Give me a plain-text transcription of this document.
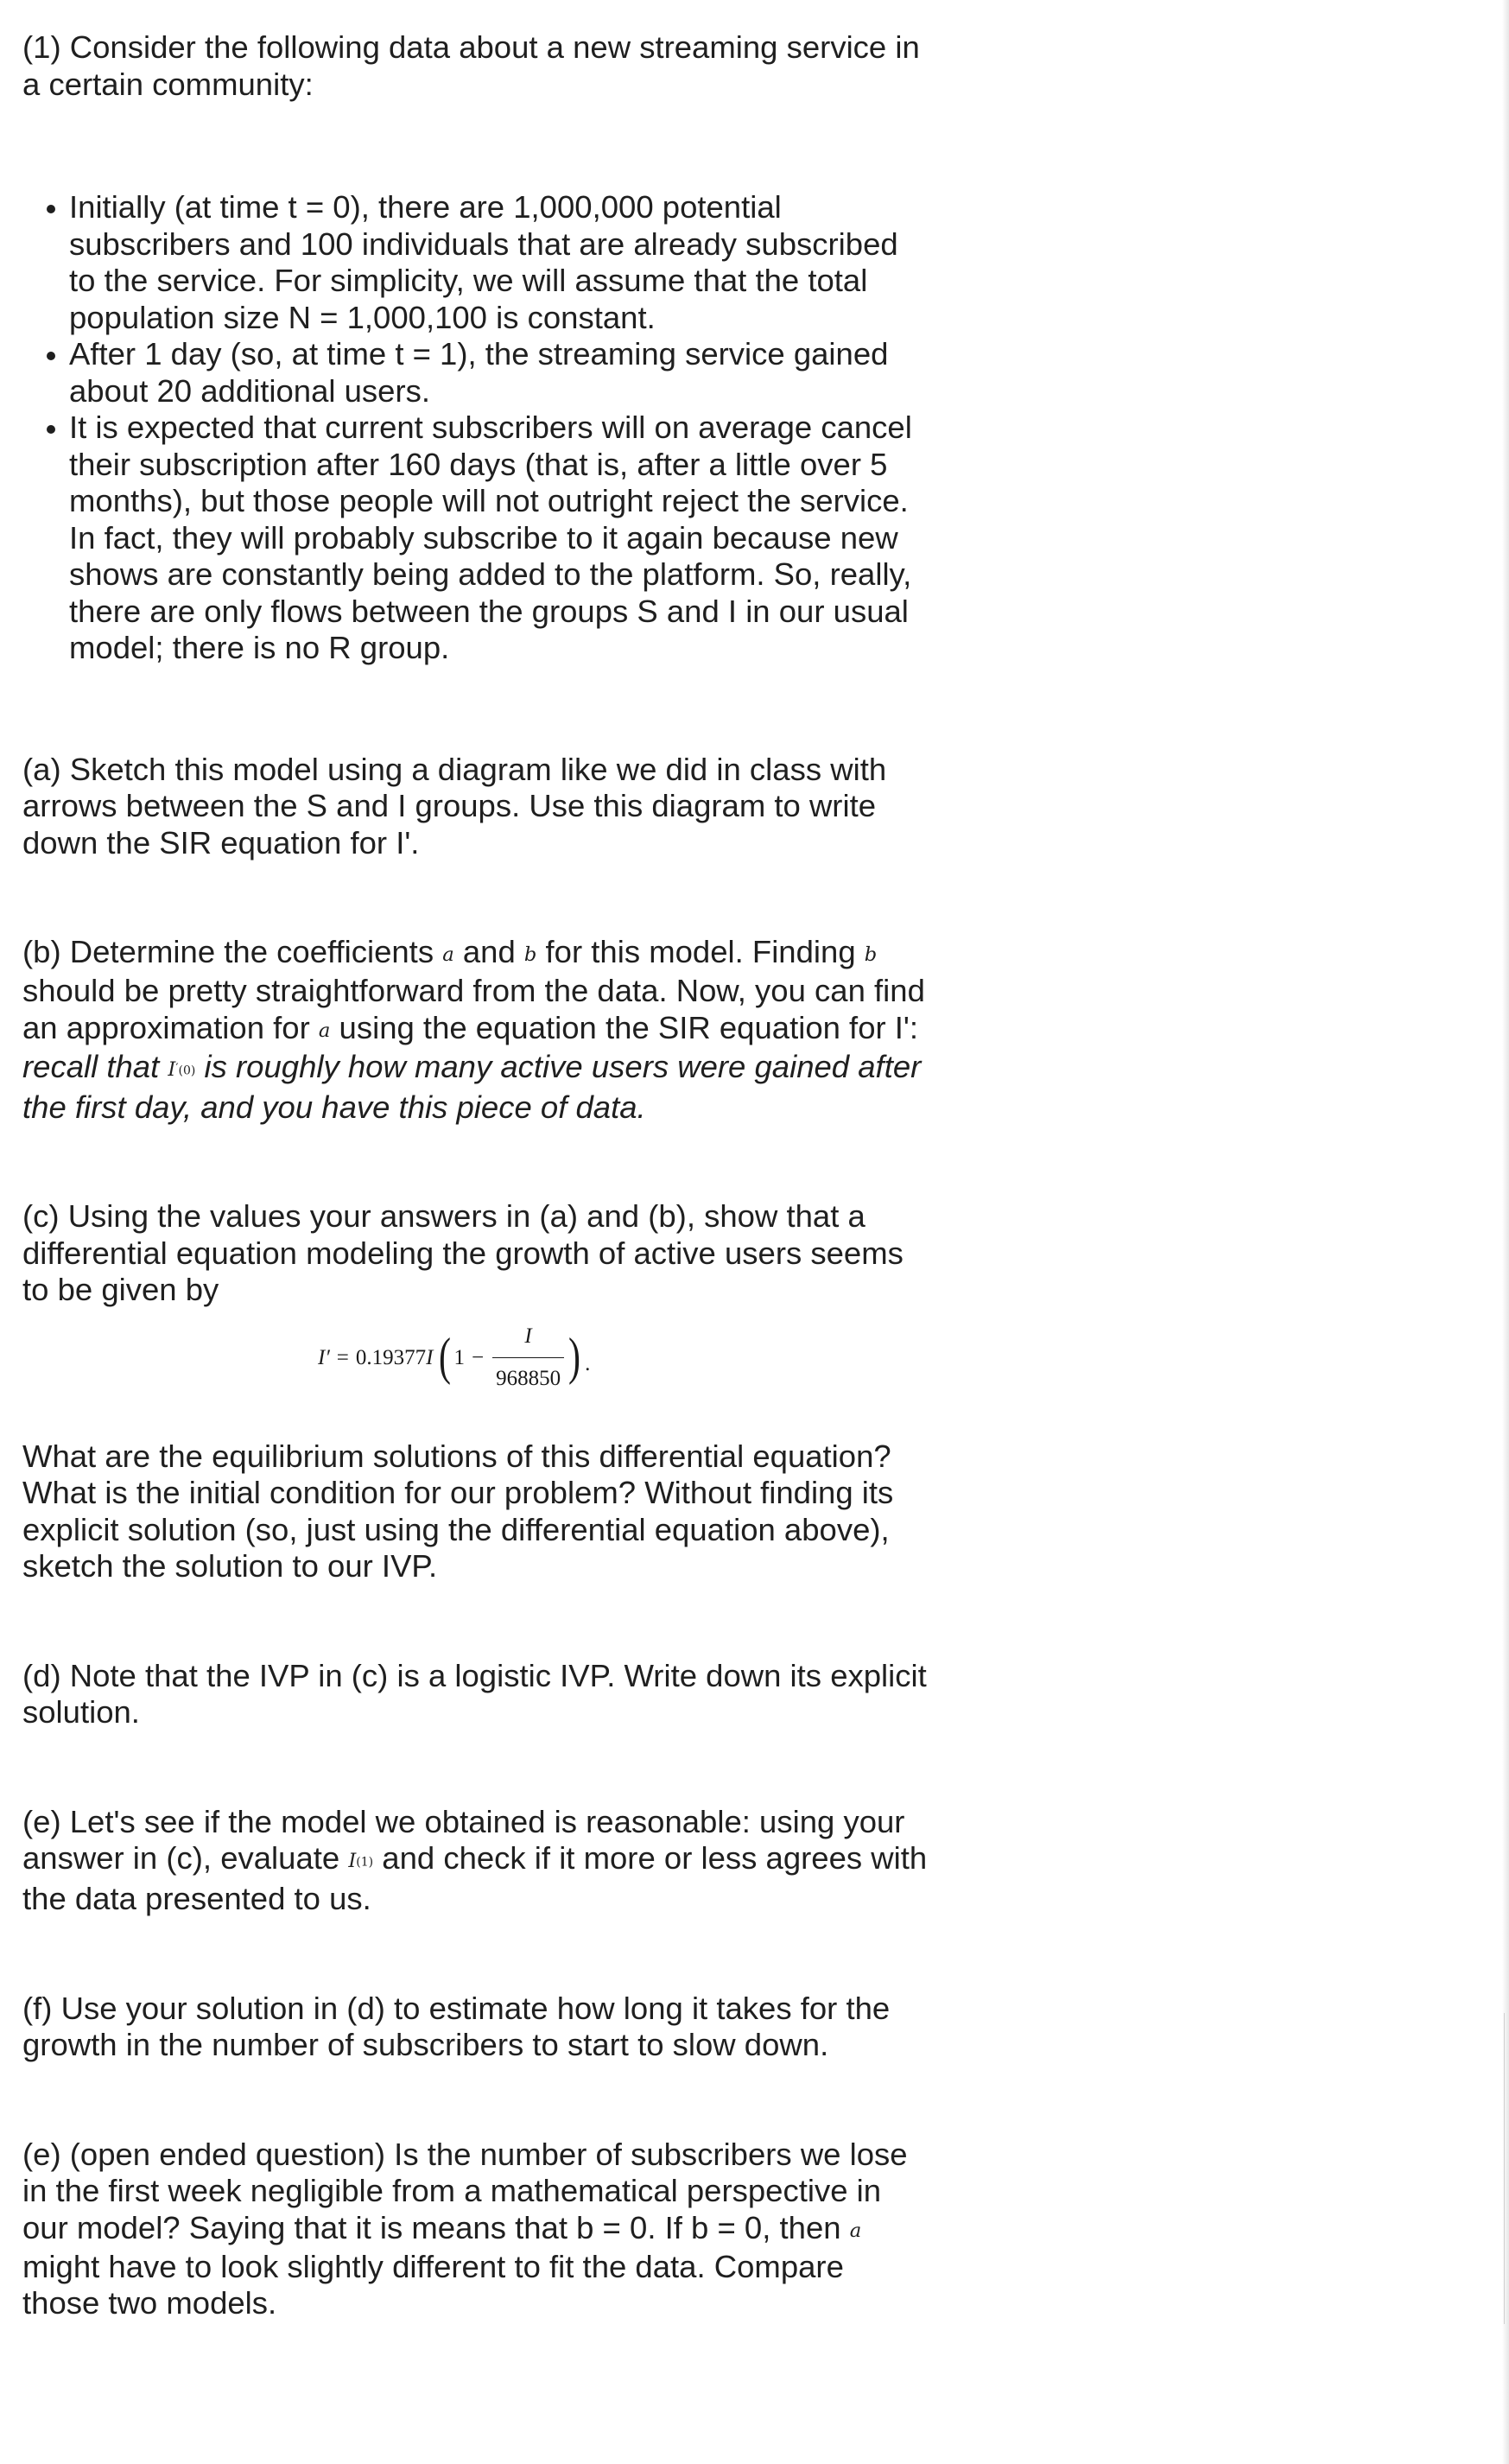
(1) Consider the following data about a new streaming service in a certain community:

Initially (at time t = 0), there are 1,000,000 potential subscribers and 100 individuals that are already subscribed to the service. For simplicity, we will assume that the total population size N = 1,000,100 is constant.
After 1 day (so, at time t = 1), the streaming service gained about 20 additional users.
It is expected that current subscribers will on average cancel their subscription after 160 days (that is, after a little over 5 months), but those people will not outright reject the service. In fact, they will probably subscribe to it again because new shows are constantly being added to the platform. So, really, there are only flows between the groups S and I in our usual model; there is no R group.

(a) Sketch this model using a diagram like we did in class with arrows between the S and I groups. Use this diagram to write down the SIR equation for I'.

(b) Determine the coefficients a and b for this model. Finding b should be pretty straightforward from the data. Now, you can find an approximation for a using the equation the SIR equation for I': recall that I′(0) is roughly how many active users were gained after the first day, and you have this piece of data.

(c) Using the values your answers in (a) and (b), show that a differential equation modeling the growth of active users seems to be given by

I′ = 0.19377 I ( $1 - \frac{I}{968850}$ ) .

What are the equilibrium solutions of this differential equation? What is the initial condition for our problem? Without finding its explicit solution (so, just using the differential equation above), sketch the solution to our IVP.

(d) Note that the IVP in (c) is a logistic IVP. Write down its explicit solution.

(e) Let's see if the model we obtained is reasonable: using your answer in (c), evaluate I(1) and check if it more or less agrees with the data presented to us.

(f) Use your solution in (d) to estimate how long it takes for the growth in the number of subscribers to start to slow down.

(e) (open ended question) Is the number of subscribers we lose in the first week negligible from a mathematical perspective in our model? Saying that it is means that b = 0. If b = 0, then a might have to look slightly different to fit the data. Compare those two models.
